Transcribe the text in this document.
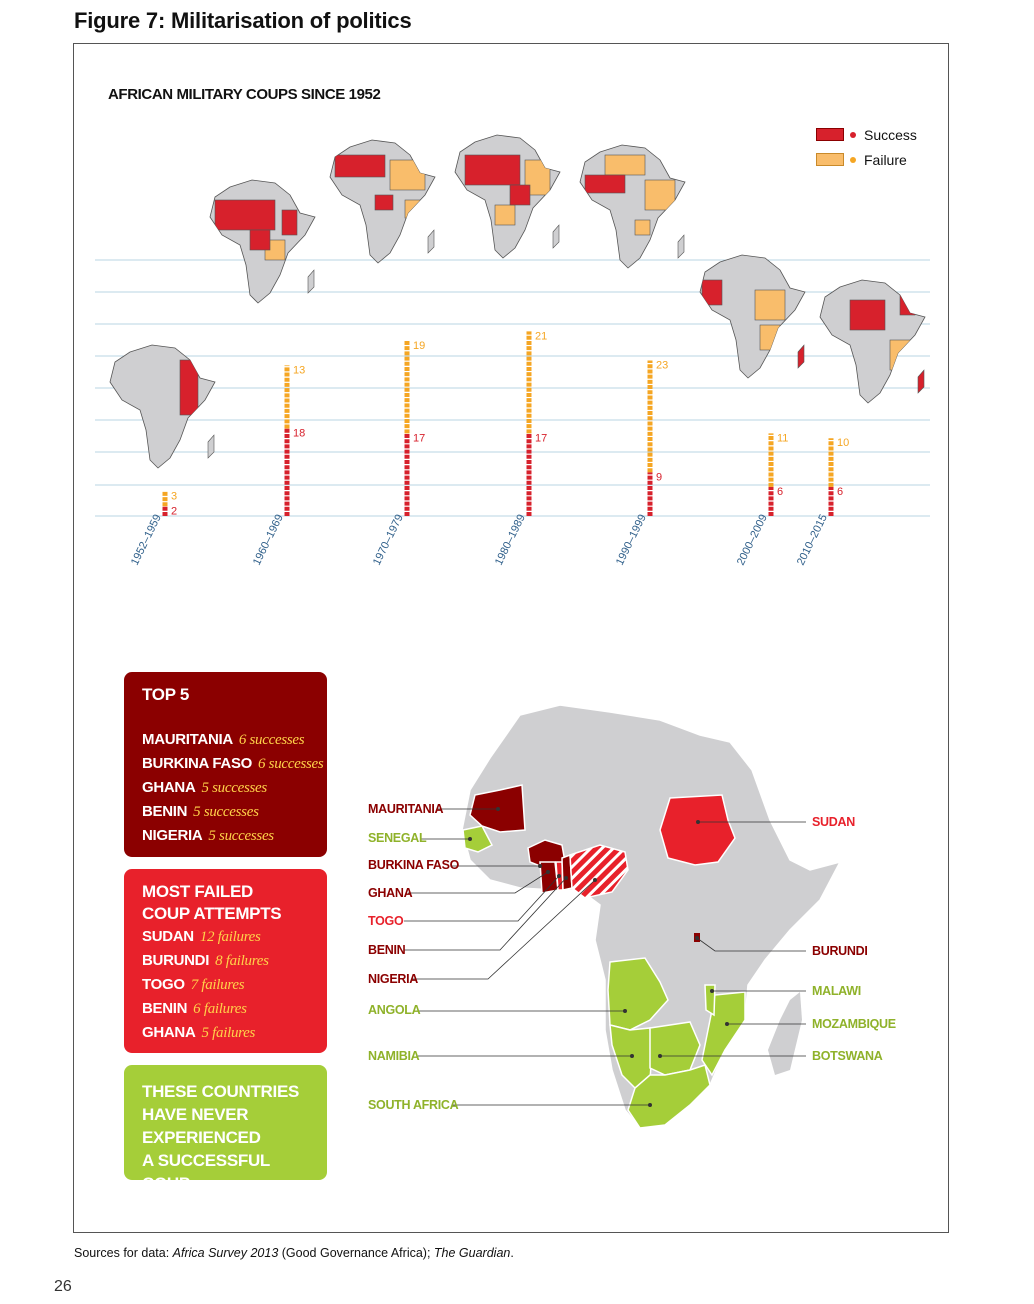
Figure 7: Militarisation of politics
AFRICAN MILITARY COUPS SINCE 1952
2
3
18
13
17
19
17
21
9
23
6
11
6
10
1952–1959	1960–1969	1970–1979	1980–1989	1990–1999	2000–2009 2010–2015
Success
Failure
TOP 5
MAURITANIA 6 successes
BURKINA FASO 6 successes
GHANA 5 successes
BENIN 5 successes
NIGERIA 5 successes
MOST FAILED
COUP ATTEMPTS
SUDAN 12 failures
BURUNDI 8 failures
TOGO 7 failures
BENIN 6 failures
GHANA 5 failures
THESE COUNTRIES
HAVE NEVER
EXPERIENCED
A SUCCESSFUL COUP
MAURITANIA
SENEGAL
BURKINA FASO
GHANA
TOGO
BENIN
NIGERIA
ANGOLA
NAMIBIA
SOUTH AFRICA
SUDAN
BURUNDI
MALAWI
MOZAMBIQUE
BOTSWANA
Sources for data: Africa Survey 2013 (Good Governance Africa); The Guardian.
26
